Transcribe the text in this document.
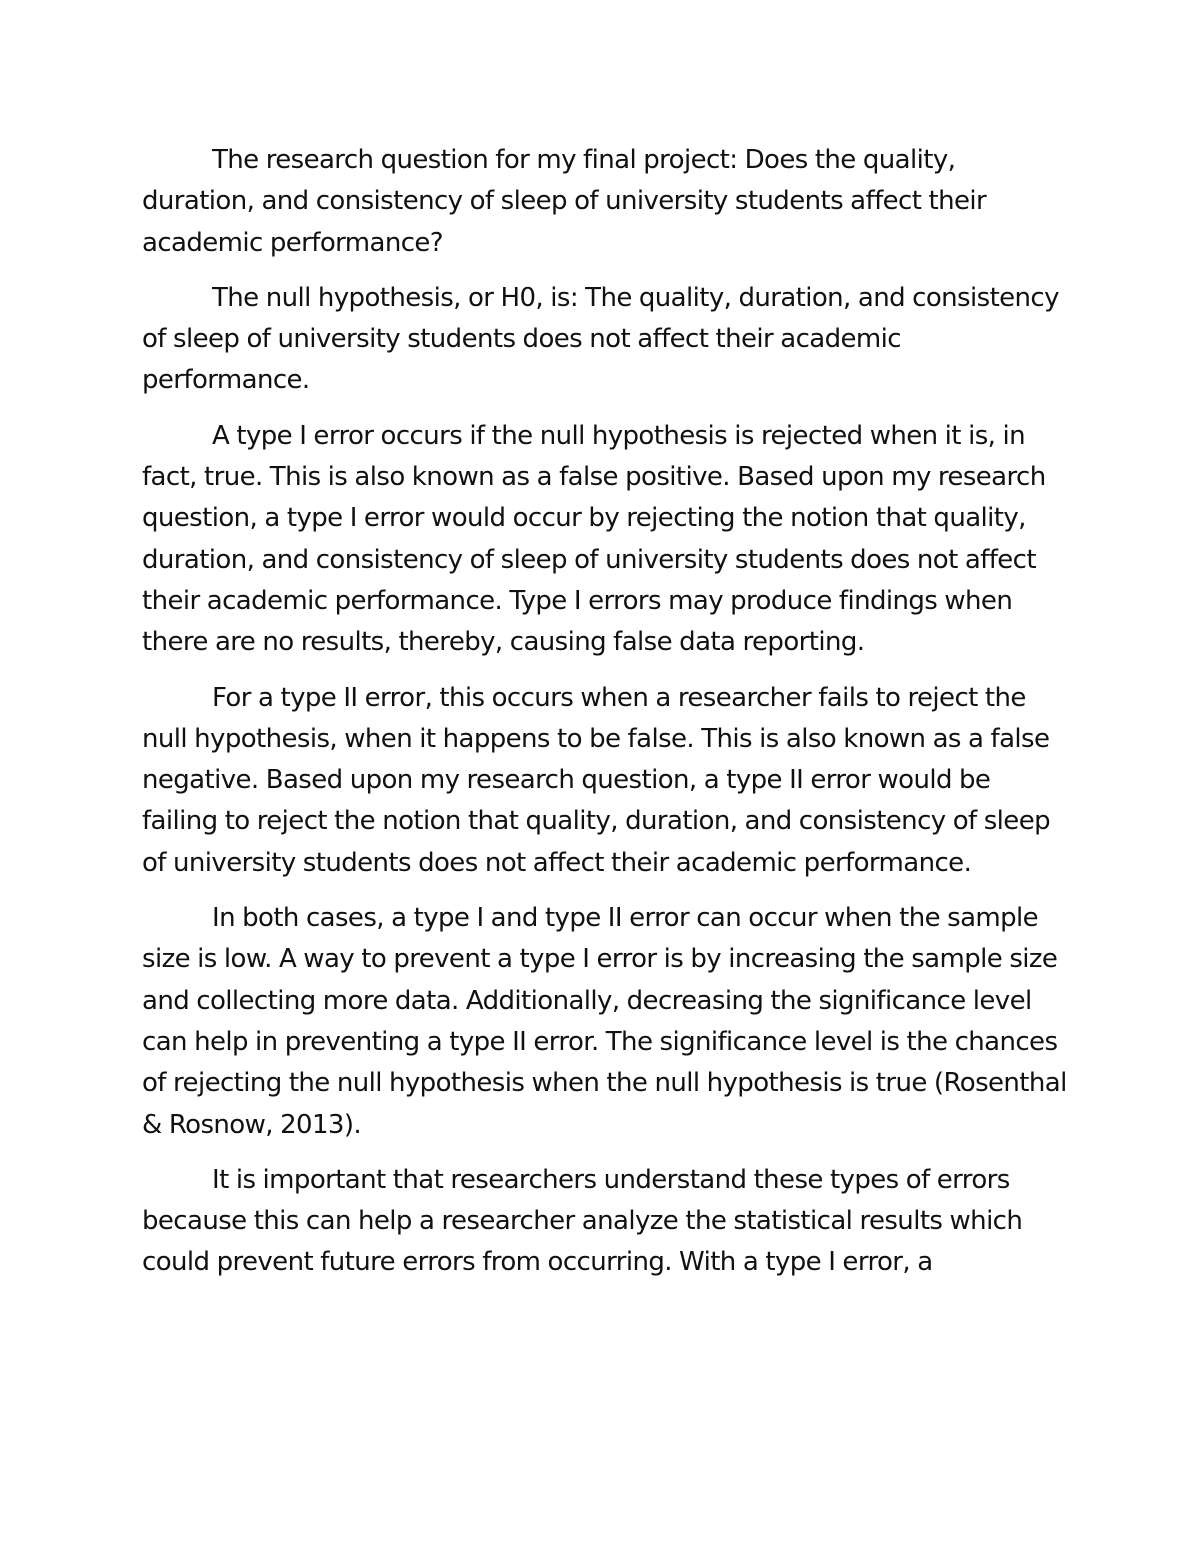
The research question for my final project: Does the quality, duration, and consistency of sleep of university students affect their academic performance?

The null hypothesis, or H0, is: The quality, duration, and consistency of sleep of university students does not affect their academic performance.

A type I error occurs if the null hypothesis is rejected when it is, in fact, true. This is also known as a false positive. Based upon my research question, a type I error would occur by rejecting the notion that quality, duration, and consistency of sleep of university students does not affect their academic performance. Type I errors may produce findings when there are no results, thereby, causing false data reporting.

For a type II error, this occurs when a researcher fails to reject the null hypothesis, when it happens to be false. This is also known as a false negative. Based upon my research question, a type II error would be failing to reject the notion that quality, duration, and consistency of sleep of university students does not affect their academic performance.

In both cases, a type I and type II error can occur when the sample size is low. A way to prevent a type I error is by increasing the sample size and collecting more data. Additionally, decreasing the significance level can help in preventing a type II error. The significance level is the chances of rejecting the null hypothesis when the null hypothesis is true (Rosenthal & Rosnow, 2013).

It is important that researchers understand these types of errors because this can help a researcher analyze the statistical results which could prevent future errors from occurring. With a type I error, a
